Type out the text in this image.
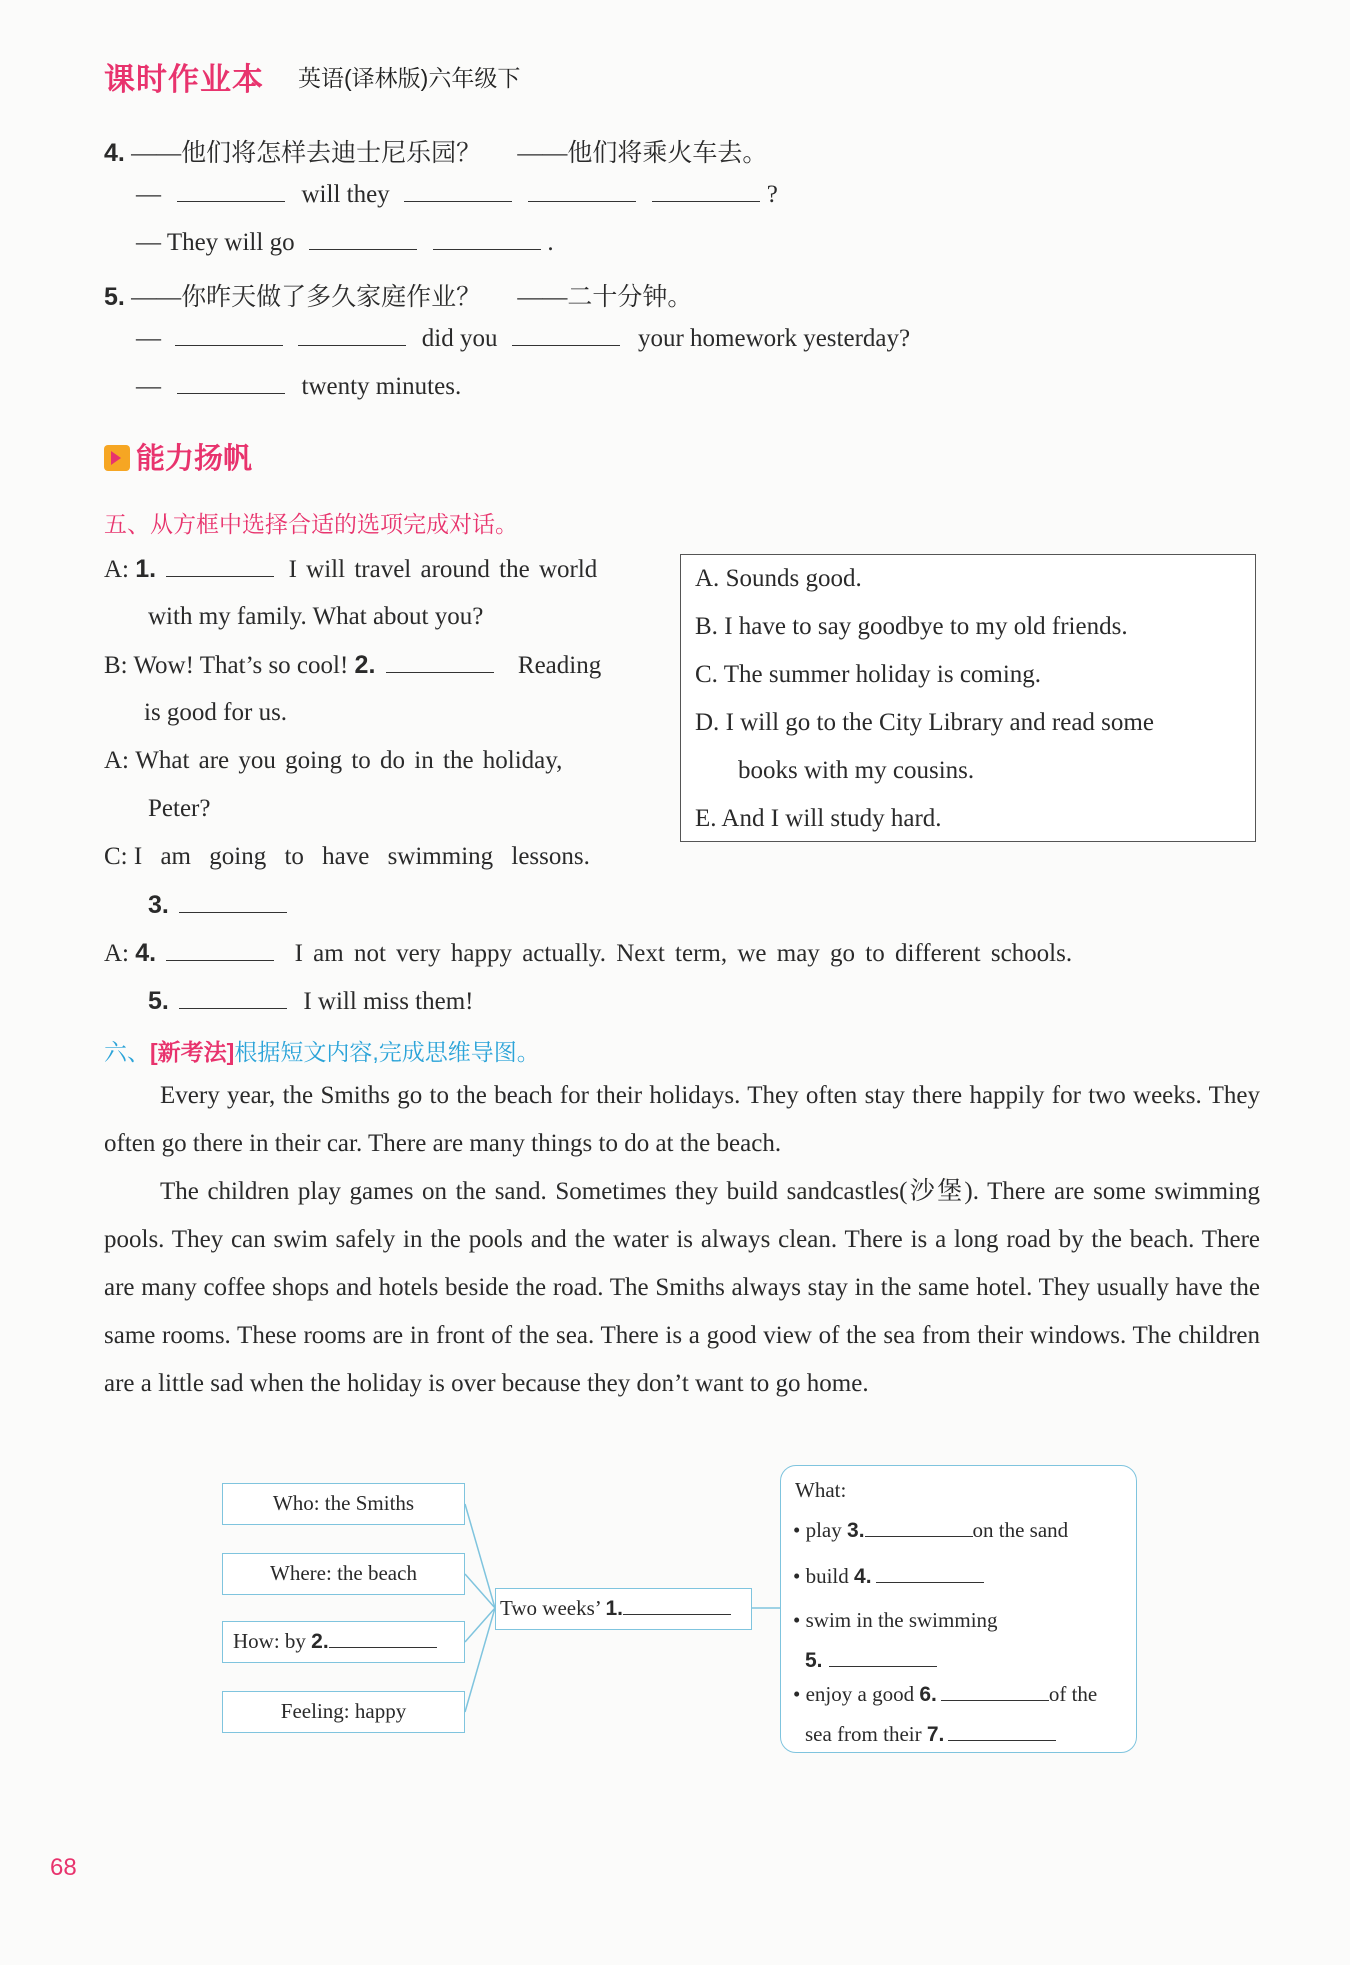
课时作业本 英语(译林版)六年级下
4. ——他们将怎样去迪士尼乐园？ ——他们将乘火车去。
—	will they	?
— They will go	.
5. ——你昨天做了多久家庭作业？ ——二十分钟。
—	did you	your homework yesterday?
—	twenty minutes.
能力扬帆
五、从方框中选择合适的选项完成对话。
A: 1.	I will travel around the world
with my family. What about you?
B: Wow! That’s so cool! 2.	Reading
is good for us.
A: What are you going to do in the holiday,
Peter?
C: I am going to have swimming lessons.
3.
A: 4.	I am not very happy actually. Next term, we may go to different schools.
5.	I will miss them!
A. Sounds good.
B. I have to say goodbye to my old friends.
C. The summer holiday is coming.
D. I will go to the City Library and read some
books with my cousins.
E. And I will study hard.
六、[新考法]根据短文内容,完成思维导图。
Every year, the Smiths go to the beach for their holidays. They often stay there happily for two weeks. They often go there in their car. There are many things to do at the beach.
The children play games on the sand. Sometimes they build sandcastles(沙堡). There are some swimming pools. They can swim safely in the pools and the water is always clean. There is a long road by the beach. There are many coffee shops and hotels beside the road. The Smiths always stay in the same hotel. They usually have the same rooms. These rooms are in front of the sea. There is a good view of the sea from their windows. The children are a little sad when the holiday is over because they don’t want to go home.
Who: the Smiths
Where: the beach
How: by 2.
Feeling: happy
Two weeks’ 1.
What:
• play 3.	on the sand
• build 4.
• swim in the swimming
5.
• enjoy a good 6.	of the
sea from their 7.
68
